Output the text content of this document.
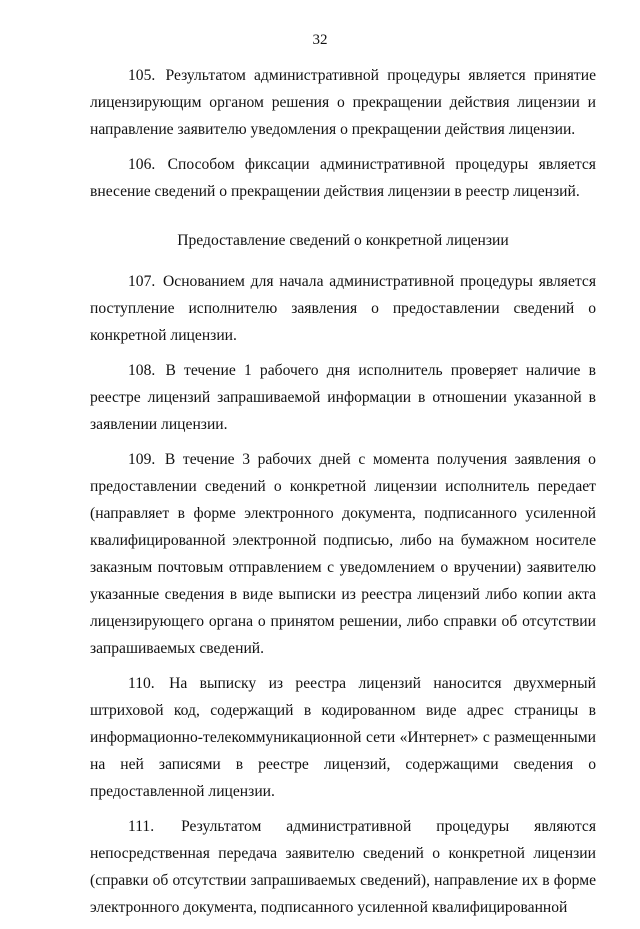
32

105. Результатом административной процедуры является принятие лицензирующим органом решения о прекращении действия лицензии и направление заявителю уведомления о прекращении действия лицензии.

106. Способом фиксации административной процедуры является внесение сведений о прекращении действия лицензии в реестр лицензий.

Предоставление сведений о конкретной лицензии

107. Основанием для начала административной процедуры является поступление исполнителю заявления о предоставлении сведений о конкретной лицензии.

108. В течение 1 рабочего дня исполнитель проверяет наличие в реестре лицензий запрашиваемой информации в отношении указанной в заявлении лицензии.

109. В течение 3 рабочих дней с момента получения заявления о предоставлении сведений о конкретной лицензии исполнитель передает (направляет в форме электронного документа, подписанного усиленной квалифицированной электронной подписью, либо на бумажном носителе заказным почтовым отправлением с уведомлением о вручении) заявителю указанные сведения в виде выписки из реестра лицензий либо копии акта лицензирующего органа о принятом решении, либо справки об отсутствии запрашиваемых сведений.

110. На выписку из реестра лицензий наносится двухмерный штриховой код, содержащий в кодированном виде адрес страницы в информационно-телекоммуникационной сети «Интернет» с размещенными на ней записями в реестре лицензий, содержащими сведения о предоставленной лицензии.

111. Результатом административной процедуры являются непосредственная передача заявителю сведений о конкретной лицензии (справки об отсутствии запрашиваемых сведений), направление их в форме электронного документа, подписанного усиленной квалифицированной
